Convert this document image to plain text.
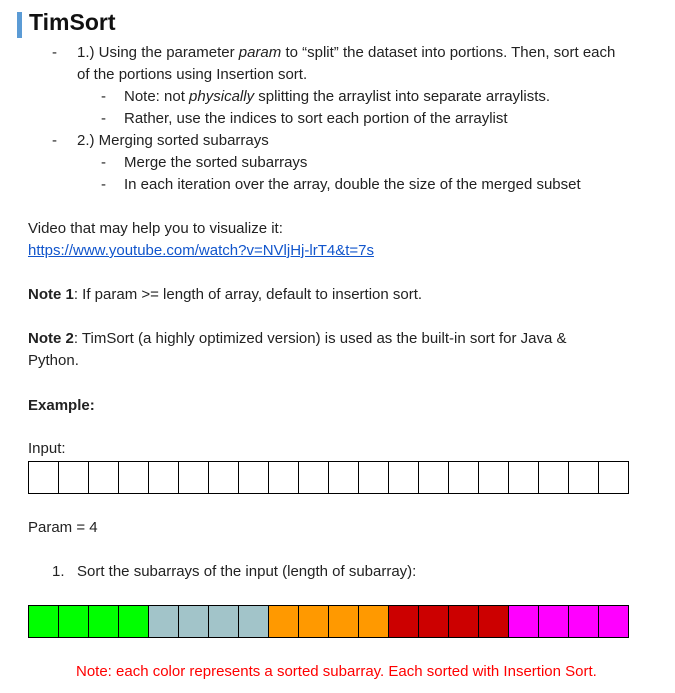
TimSort
- 1.) Using the parameter param to “split” the dataset into portions. Then, sort each
of the portions using Insertion sort.
- Note: not physically splitting the arraylist into separate arraylists.
- Rather, use the indices to sort each portion of the arraylist
- 2.) Merging sorted subarrays
- Merge the sorted subarrays
- In each iteration over the array, double the size of the merged subset
Video that may help you to visualize it:
https://www.youtube.com/watch?v=NVljHj-lrT4&t=7s
Note 1: If param >= length of array, default to insertion sort.
Note 2: TimSort (a highly optimized version) is used as the built-in sort for Java &
Python.
Example:
Input:
Param = 4
1. Sort the subarrays of the input (length of subarray):
Note: each color represents a sorted subarray. Each sorted with Insertion Sort.
